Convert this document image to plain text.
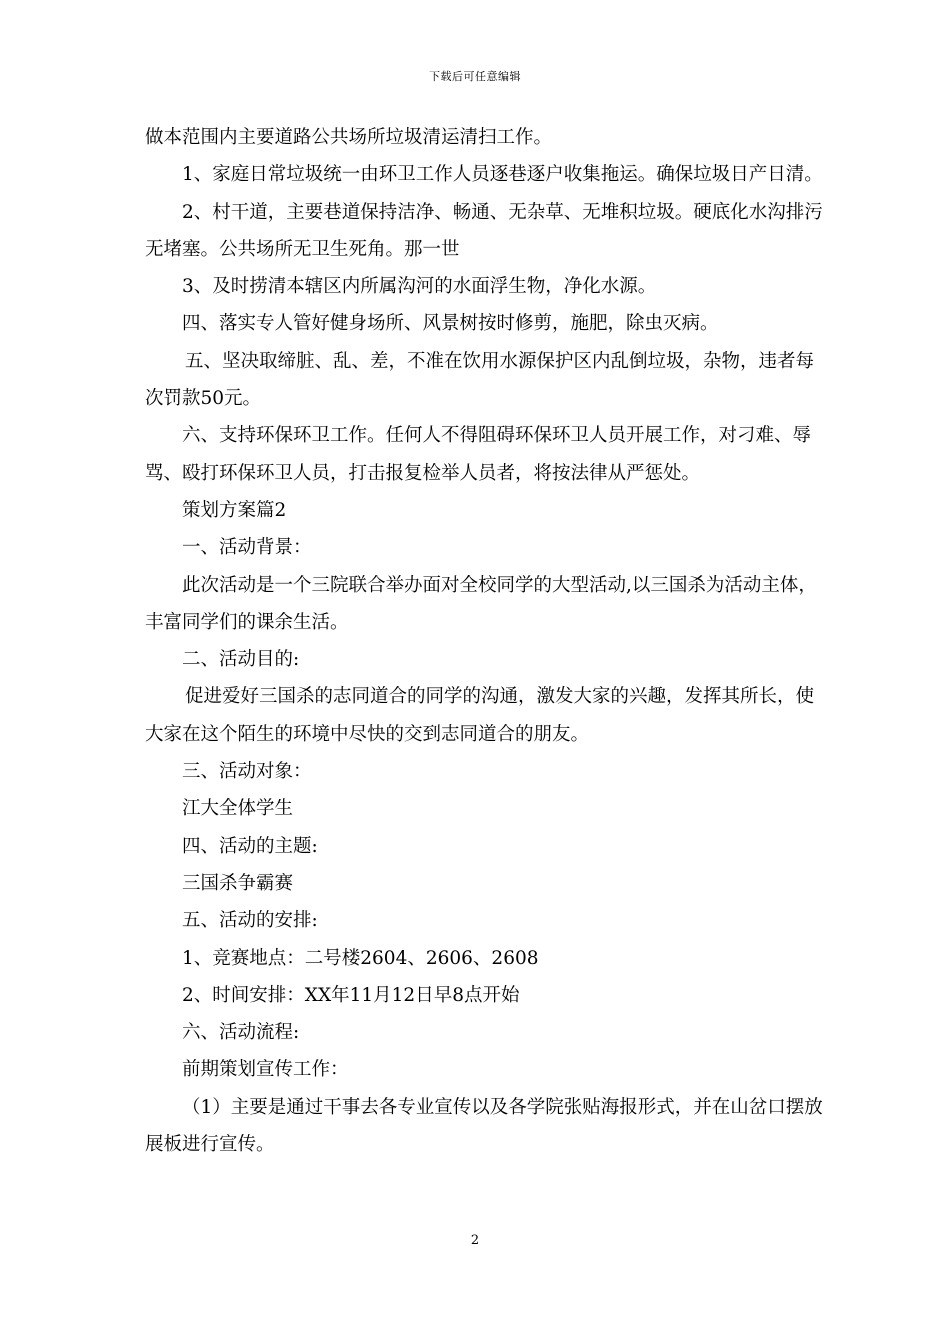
下载后可任意编辑

做本范围内主要道路公共场所垃圾清运清扫工作。

1、家庭日常垃圾统一由环卫工作人员逐巷逐户收集拖运。确保垃圾日产日清。

2、村干道，主要巷道保持洁净、畅通、无杂草、无堆积垃圾。硬底化水沟排污无堵塞。公共场所无卫生死角。那一世

3、及时捞清本辖区内所属沟河的水面浮生物，净化水源。

四、落实专人管好健身场所、风景树按时修剪，施肥，除虫灭病。

五、坚决取缔脏、乱、差，不准在饮用水源保护区内乱倒垃圾，杂物，违者每次罚款50元。

六、支持环保环卫工作。任何人不得阻碍环保环卫人员开展工作，对刁难、辱骂、殴打环保环卫人员，打击报复检举人员者，将按法律从严惩处。

策划方案篇2

一、活动背景：

此次活动是一个三院联合举办面对全校同学的大型活动,以三国杀为活动主体，丰富同学们的课余生活。

二、活动目的:

促进爱好三国杀的志同道合的同学的沟通，激发大家的兴趣，发挥其所长，使大家在这个陌生的环境中尽快的交到志同道合的朋友。

三、活动对象：

江大全体学生

四、活动的主题:

三国杀争霸赛

五、活动的安排:

1、竞赛地点：二号楼2604、2606、2608

2、时间安排：XX年11月12日早8点开始

六、活动流程:

前期策划宣传工作：

（1）主要是通过干事去各专业宣传以及各学院张贴海报形式，并在山岔口摆放展板进行宣传。

2
